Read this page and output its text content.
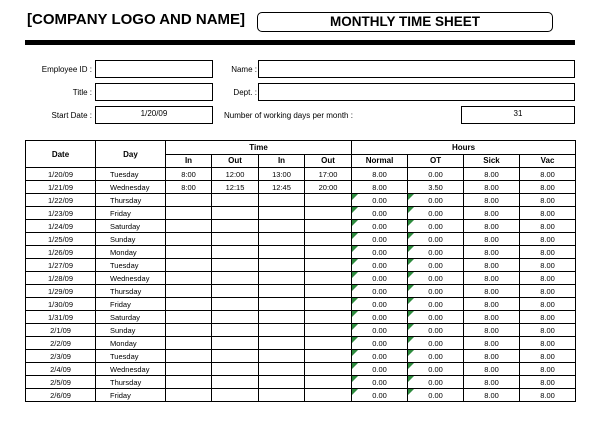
[COMPANY LOGO AND NAME]	MONTHLY TIME SHEET
Employee ID :	Name :
Title :	Dept. :
Start Date :	1/20/09	Number of working days per month :	31
Date	Day	Time				Hours			
		In	Out	In	Out	Normal	OT	Sick	Vac
1/20/09	Tuesday	8:00	12:00	13:00	17:00	8.00	0.00	8.00	8.00
1/21/09	Wednesday	8:00	12:15	12:45	20:00	8.00	3.50	8.00	8.00
1/22/09	Thursday					0.00	0.00	8.00	8.00
1/23/09	Friday					0.00	0.00	8.00	8.00
1/24/09	Saturday					0.00	0.00	8.00	8.00
1/25/09	Sunday					0.00	0.00	8.00	8.00
1/26/09	Monday					0.00	0.00	8.00	8.00
1/27/09	Tuesday					0.00	0.00	8.00	8.00
1/28/09	Wednesday					0.00	0.00	8.00	8.00
1/29/09	Thursday					0.00	0.00	8.00	8.00
1/30/09	Friday					0.00	0.00	8.00	8.00
1/31/09	Saturday					0.00	0.00	8.00	8.00
2/1/09	Sunday					0.00	0.00	8.00	8.00
2/2/09	Monday					0.00	0.00	8.00	8.00
2/3/09	Tuesday					0.00	0.00	8.00	8.00
2/4/09	Wednesday					0.00	0.00	8.00	8.00
2/5/09	Thursday					0.00	0.00	8.00	8.00
2/6/09	Friday					0.00	0.00	8.00	8.00
